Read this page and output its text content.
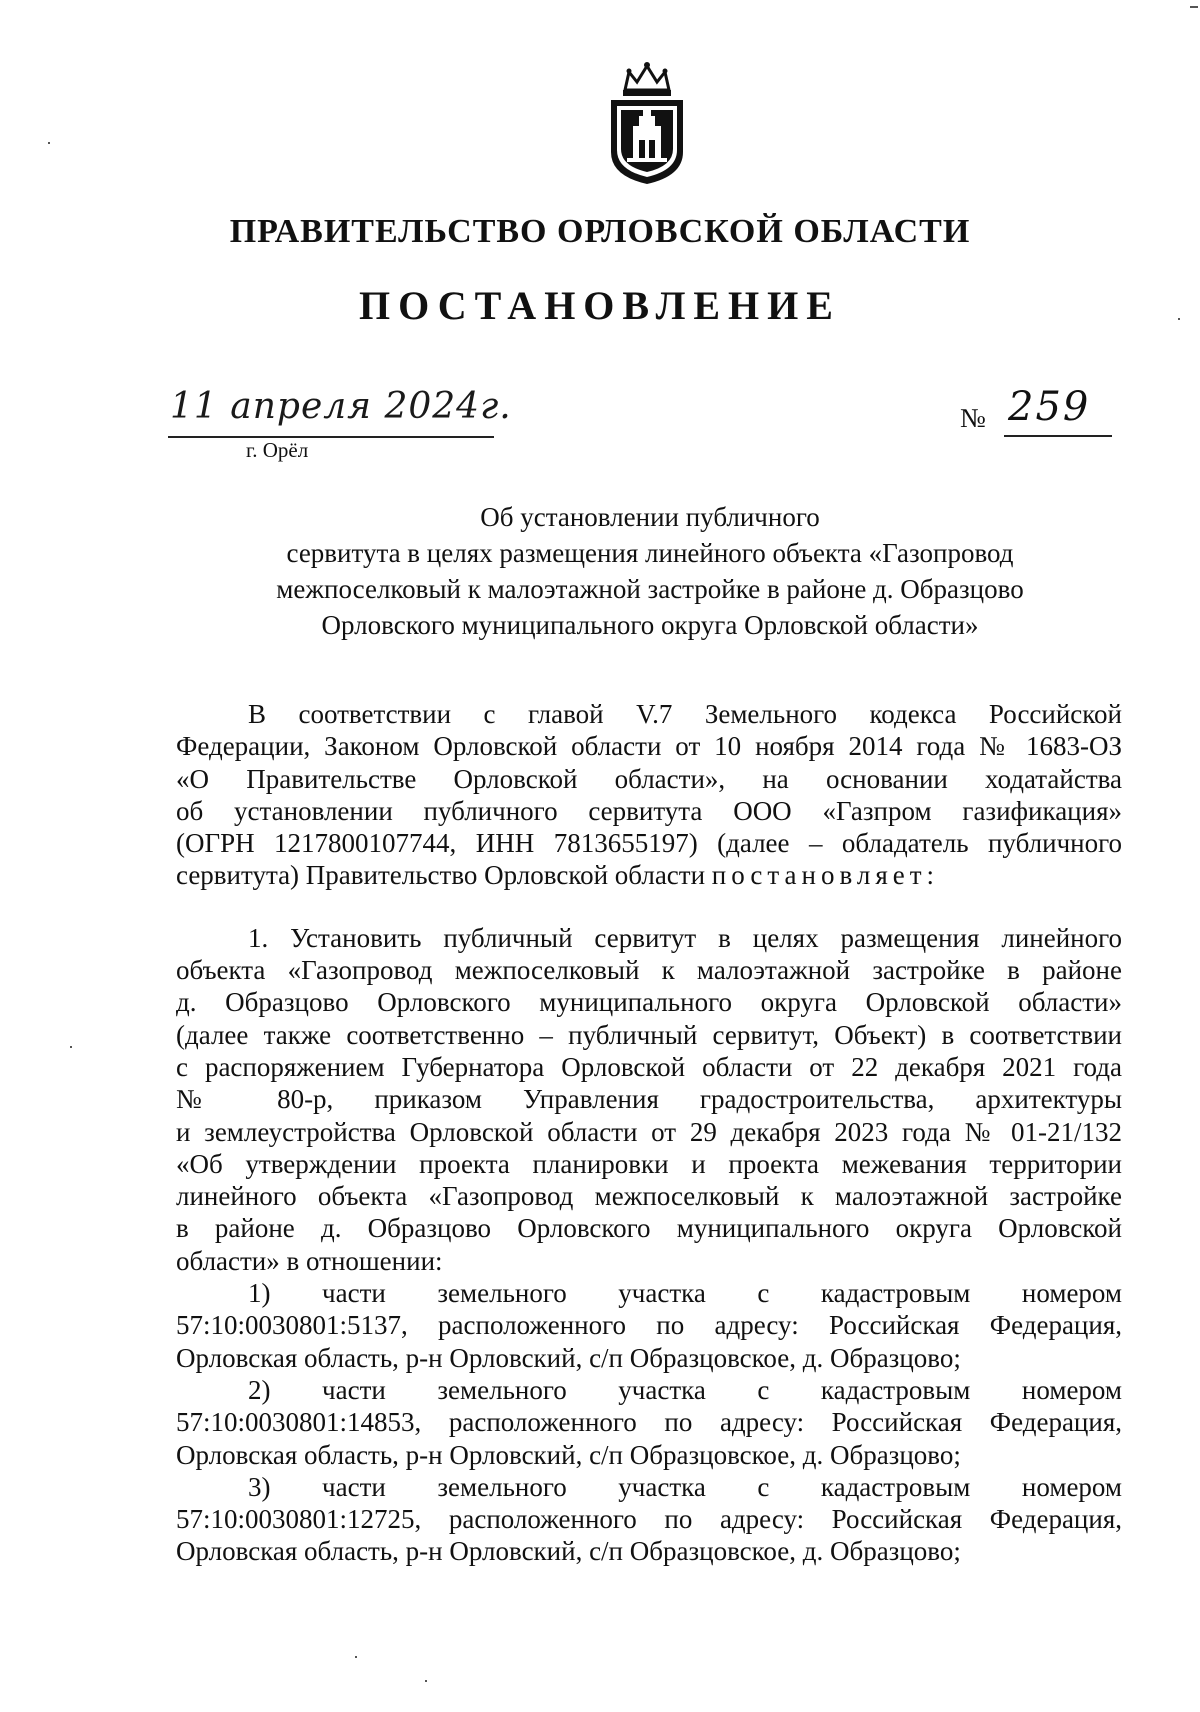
ПРАВИТЕЛЬСТВО ОРЛОВСКОЙ ОБЛАСТИ
ПОСТАНОВЛЕНИЕ
11 апреля 2024г.
г. Орёл
№ 259
Об установлении публичного
сервитута в целях размещения линейного объекта «Газопровод
межпоселковый к малоэтажной застройке в районе д. Образцово
Орловского муниципального округа Орловской области»
В соответствии с главой V.7 Земельного кодекса Российской
Федерации, Законом Орловской области от 10 ноября 2014 года № 1683-ОЗ
«О Правительстве Орловской области», на основании ходатайства
об установлении публичного сервитута ООО «Газпром газификация»
(ОГРН 1217800107744, ИНН 7813655197) (далее – обладатель публичного
сервитута) Правительство Орловской области постановляет:
1. Установить публичный сервитут в целях размещения линейного
объекта «Газопровод межпоселковый к малоэтажной застройке в районе
д. Образцово Орловского муниципального округа Орловской области»
(далее также соответственно – публичный сервитут, Объект) в соответствии
с распоряжением Губернатора Орловской области от 22 декабря 2021 года
№ 80-р, приказом Управления градостроительства, архитектуры
и землеустройства Орловской области от 29 декабря 2023 года № 01-21/132
«Об утверждении проекта планировки и проекта межевания территории
линейного объекта «Газопровод межпоселковый к малоэтажной застройке
в районе д. Образцово Орловского муниципального округа Орловской
области» в отношении:
1) части земельного участка с кадастровым номером
57:10:0030801:5137, расположенного по адресу: Российская Федерация,
Орловская область, р-н Орловский, с/п Образцовское, д. Образцово;
2) части земельного участка с кадастровым номером
57:10:0030801:14853, расположенного по адресу: Российская Федерация,
Орловская область, р-н Орловский, с/п Образцовское, д. Образцово;
3) части земельного участка с кадастровым номером
57:10:0030801:12725, расположенного по адресу: Российская Федерация,
Орловская область, р-н Орловский, с/п Образцовское, д. Образцово;
